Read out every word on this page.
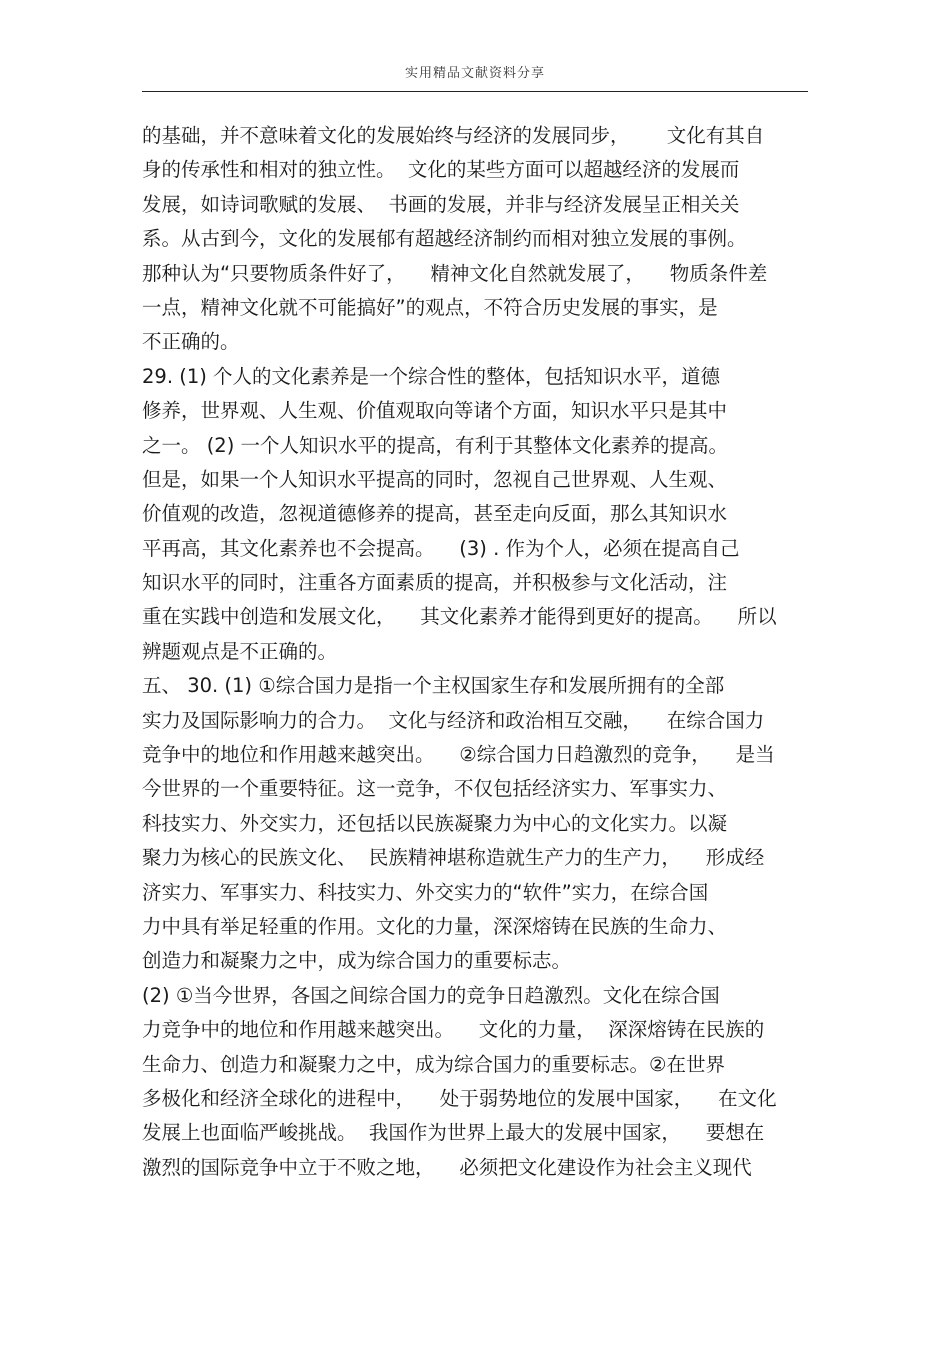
实用精品文献资料分享
的基础，并不意味着文化的发展始终与经济的发展同步，      文化有其自
身的传承性和相对的独立性。  文化的某些方面可以超越经济的发展而
发展，如诗词歌赋的发展、  书画的发展，并非与经济发展呈正相关关
系。从古到今，文化的发展郁有超越经济制约而相对独立发展的事例。
那种认为“只要物质条件好了，    精神文化自然就发展了，    物质条件差
一点，精神文化就不可能搞好”的观点，不符合历史发展的事实，是
不正确的。
29. (1) 个人的文化素养是一个综合性的整体，包括知识水平，道德
修养，世界观、人生观、价值观取向等诸个方面，知识水平只是其中
之一。 (2) 一个人知识水平的提高，有利于其整体文化素养的提高。
但是，如果一个人知识水平提高的同时，忽视自己世界观、人生观、
价值观的改造，忽视道德修养的提高，甚至走向反面，那么其知识水
平再高，其文化素养也不会提高。    (3) . 作为个人，必须在提高自己
知识水平的同时，注重各方面素质的提高，并积极参与文化活动，注
重在实践中创造和发展文化，    其文化素养才能得到更好的提高。    所以
辨题观点是不正确的。
五、 30. (1) ①综合国力是指一个主权国家生存和发展所拥有的全部
实力及国际影响力的合力。  文化与经济和政治相互交融，    在综合国力
竞争中的地位和作用越来越突出。    ②综合国力日趋激烈的竞争，    是当
今世界的一个重要特征。这一竞争，不仅包括经济实力、军事实力、
科技实力、外交实力，还包括以民族凝聚力为中心的文化实力。以凝
聚力为核心的民族文化、  民族精神堪称造就生产力的生产力，    形成经
济实力、军事实力、科技实力、外交实力的“软件”实力，在综合国
力中具有举足轻重的作用。文化的力量，深深熔铸在民族的生命力、
创造力和凝聚力之中，成为综合国力的重要标志。
(2) ①当今世界，各国之间综合国力的竞争日趋激烈。文化在综合国
力竞争中的地位和作用越来越突出。    文化的力量，  深深熔铸在民族的
生命力、创造力和凝聚力之中，成为综合国力的重要标志。②在世界
多极化和经济全球化的进程中，    处于弱势地位的发展中国家，    在文化
发展上也面临严峻挑战。  我国作为世界上最大的发展中国家，    要想在
激烈的国际竞争中立于不败之地，    必须把文化建设作为社会主义现代
